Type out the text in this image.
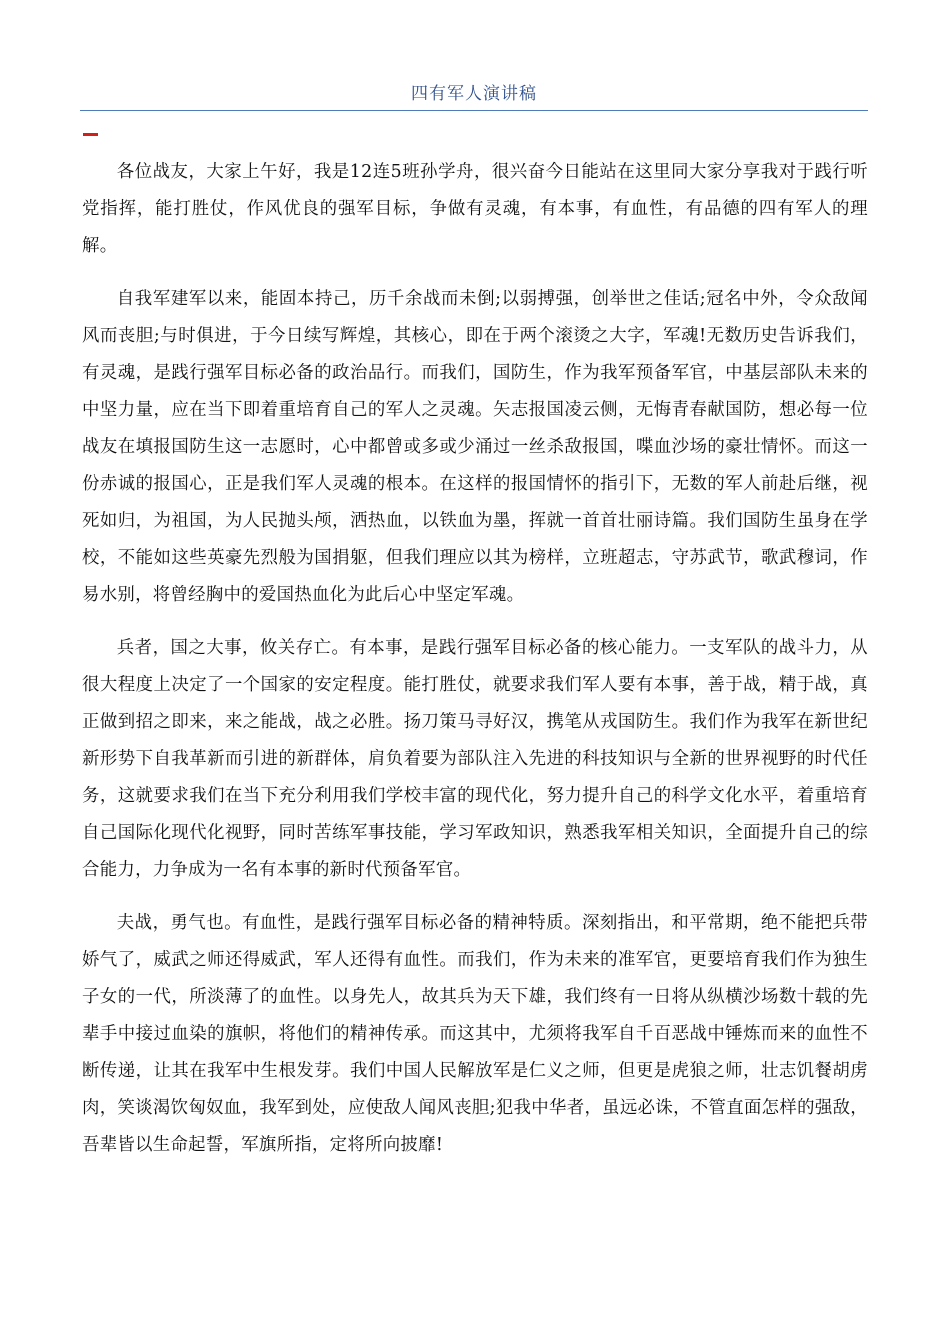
四有军人演讲稿

各位战友，大家上午好，我是12连5班孙学舟，很兴奋今日能站在这里同大家分享我对于践行听党指挥，能打胜仗，作风优良的强军目标，争做有灵魂，有本事，有血性，有品德的四有军人的理解。

自我军建军以来，能固本持己，历千余战而未倒;以弱搏强，创举世之佳话;冠名中外，令众敌闻风而丧胆;与时俱进，于今日续写辉煌，其核心，即在于两个滚烫之大字，军魂!无数历史告诉我们，有灵魂，是践行强军目标必备的政治品行。而我们，国防生，作为我军预备军官，中基层部队未来的中坚力量，应在当下即着重培育自己的军人之灵魂。矢志报国凌云侧，无悔青春献国防，想必每一位战友在填报国防生这一志愿时，心中都曾或多或少涌过一丝杀敌报国，喋血沙场的豪壮情怀。而这一份赤诚的报国心，正是我们军人灵魂的根本。在这样的报国情怀的指引下，无数的军人前赴后继，视死如归，为祖国，为人民抛头颅，洒热血，以铁血为墨，挥就一首首壮丽诗篇。我们国防生虽身在学校，不能如这些英豪先烈般为国捐躯，但我们理应以其为榜样，立班超志，守苏武节，歌武穆词，作易水别，将曾经胸中的爱国热血化为此后心中坚定军魂。

兵者，国之大事，攸关存亡。有本事，是践行强军目标必备的核心能力。一支军队的战斗力，从很大程度上决定了一个国家的安定程度。能打胜仗，就要求我们军人要有本事，善于战，精于战，真正做到招之即来，来之能战，战之必胜。扬刀策马寻好汉，携笔从戎国防生。我们作为我军在新世纪新形势下自我革新而引进的新群体，肩负着要为部队注入先进的科技知识与全新的世界视野的时代任务，这就要求我们在当下充分利用我们学校丰富的现代化，努力提升自己的科学文化水平，着重培育自己国际化现代化视野，同时苦练军事技能，学习军政知识，熟悉我军相关知识，全面提升自己的综合能力，力争成为一名有本事的新时代预备军官。

夫战，勇气也。有血性，是践行强军目标必备的精神特质。深刻指出，和平常期，绝不能把兵带娇气了，威武之师还得威武，军人还得有血性。而我们，作为未来的准军官，更要培育我们作为独生子女的一代，所淡薄了的血性。以身先人，故其兵为天下雄，我们终有一日将从纵横沙场数十载的先辈手中接过血染的旗帜，将他们的精神传承。而这其中，尤须将我军自千百恶战中锤炼而来的血性不断传递，让其在我军中生根发芽。我们中国人民解放军是仁义之师，但更是虎狼之师，壮志饥餐胡虏肉，笑谈渴饮匈奴血，我军到处，应使敌人闻风丧胆;犯我中华者，虽远必诛，不管直面怎样的强敌，吾辈皆以生命起誓，军旗所指，定将所向披靡!
